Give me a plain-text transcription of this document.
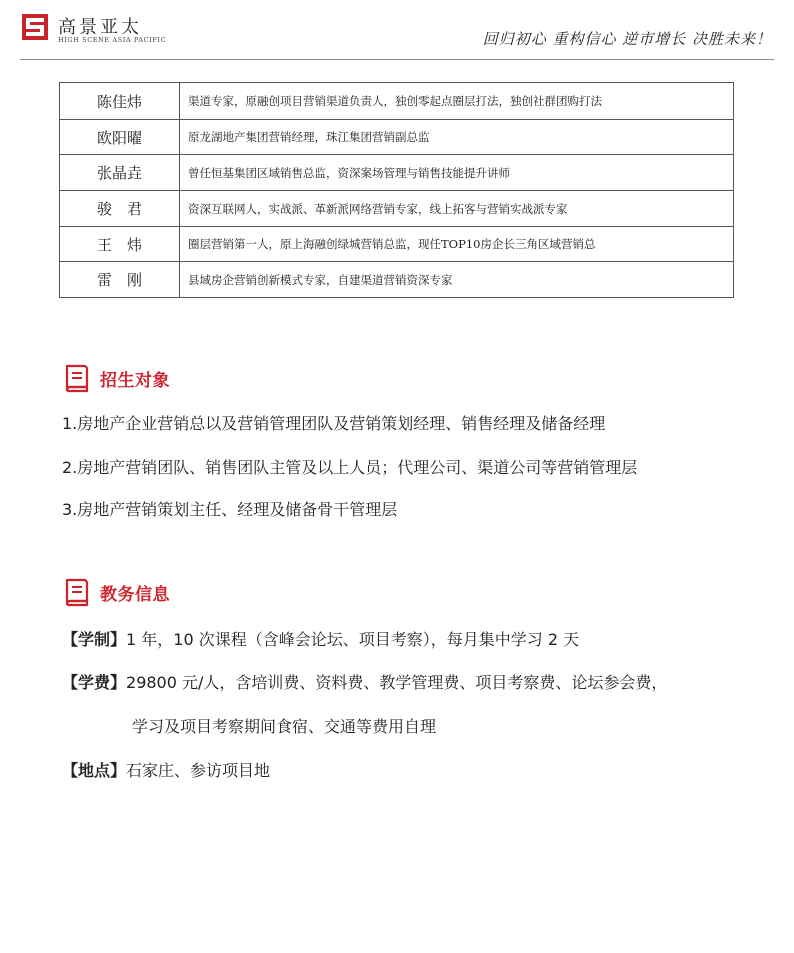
高景亚太
HIGH SCENE ASIA PACIFIC	回归初心 重构信心 逆市增长 决胜未来！
陈佳炜	渠道专家，原融创项目营销渠道负责人，独创零起点圈层打法，独创社群团购打法
欧阳曜	原龙湖地产集团营销经理，珠江集团营销副总监
张晶垚	曾任恒基集团区域销售总监，资深案场管理与销售技能提升讲师
骏　君	资深互联网人，实战派、革新派网络营销专家，线上拓客与营销实战派专家
王　炜	圈层营销第一人，原上海融创绿城营销总监，现任TOP10房企长三角区域营销总
雷　刚	县域房企营销创新模式专家，自建渠道营销资深专家
招生对象
1.房地产企业营销总以及营销管理团队及营销策划经理、销售经理及储备经理
2.房地产营销团队、销售团队主管及以上人员；代理公司、渠道公司等营销管理层
3.房地产营销策划主任、经理及储备骨干管理层
教务信息
【学制】1 年，10 次课程（含峰会论坛、项目考察），每月集中学习 2 天
【学费】29800 元/人，含培训费、资料费、教学管理费、项目考察费、论坛参会费，
学习及项目考察期间食宿、交通等费用自理
【地点】石家庄、参访项目地
